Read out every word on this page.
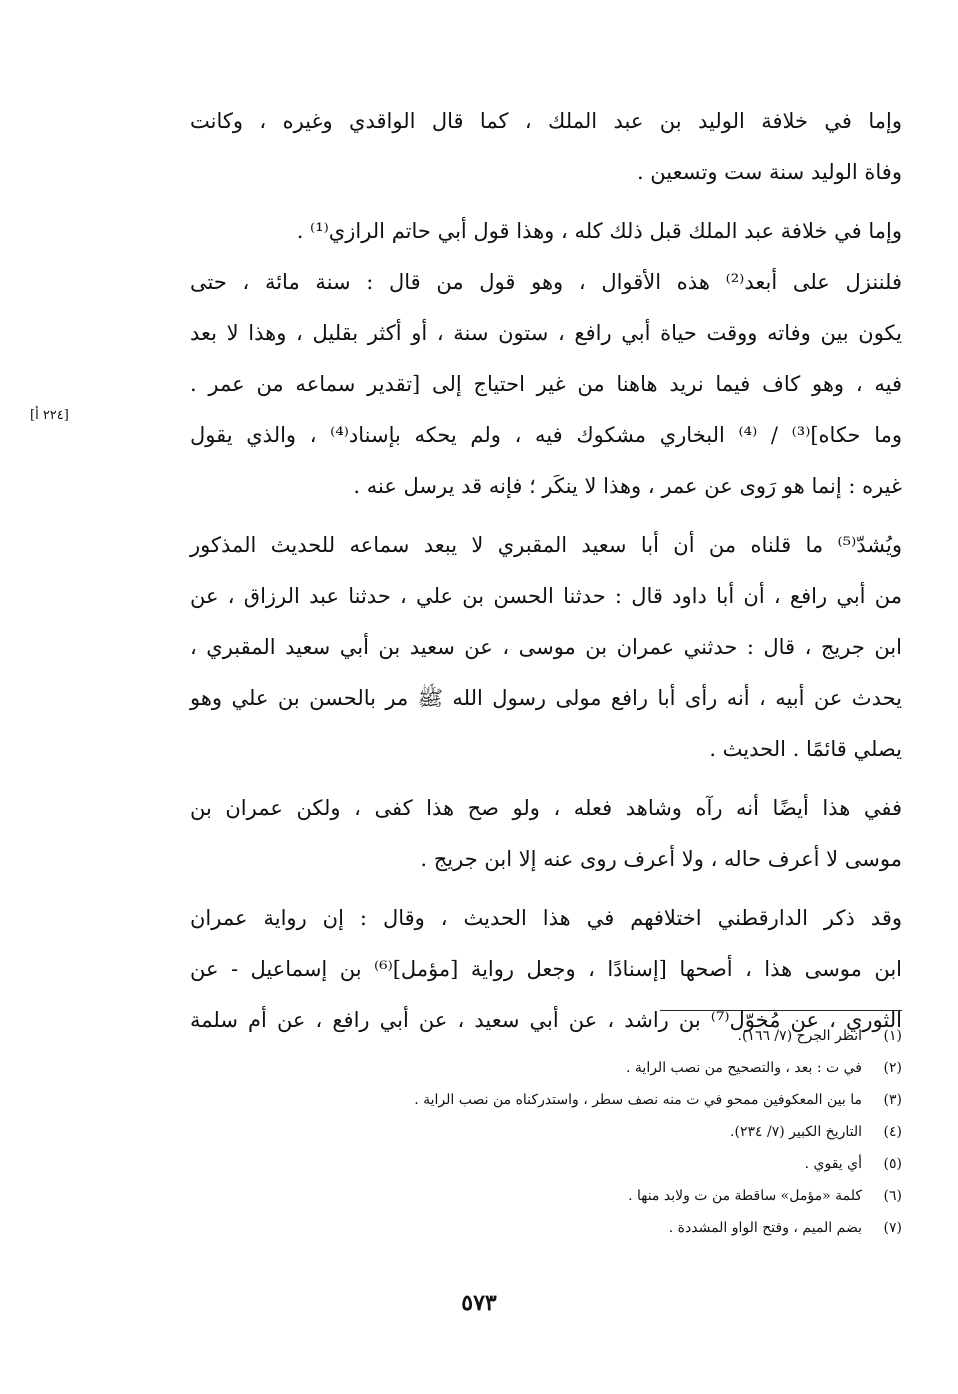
[٢٢٤ أ]
وإما في خلافة الوليد بن عبد الملك ، كما قال الواقدي وغيره ، وكانت
وفاة الوليد سنة ست وتسعين .
وإما في خلافة عبد الملك قبل ذلك كله ، وهذا قول أبي حاتم الرازي⁽¹⁾ .
فلننزل على أبعد⁽²⁾ هذه الأقوال ، وهو قول من قال : سنة مائة ، حتى
يكون بين وفاته ووقت حياة أبي رافع ، ستون سنة ، أو أكثر بقليل ، وهذا لا بعد
فيه ، وهو كاف فيما نريد هاهنا من غير احتياج إلى [تقدير سماعه من عمر .
وما حكاه]⁽³⁾ / ⁽⁴⁾ البخاري مشكوك فيه ، ولم يحكه بإسناد⁽⁴⁾ ، والذي يقول
غيره : إنما هو رَوى عن عمر ، وهذا لا ينكَر ؛ فإنه قد يرسل عنه .
ويُشدّ⁽⁵⁾ ما قلناه من أن أبا سعيد المقبري لا يبعد سماعه للحديث المذكور
من أبي رافع ، أن أبا داود قال : حدثنا الحسن بن علي ، حدثنا عبد الرزاق ، عن
ابن جريج ، قال : حدثني عمران بن موسى ، عن سعيد بن أبي سعيد المقبري ،
يحدث عن أبيه ، أنه رأى أبا رافع مولى رسول الله ﷺ مر بالحسن بن علي وهو
يصلي قائمًا . الحديث .
ففي هذا أيضًا أنه رآه وشاهد فعله ، ولو صح هذا كفى ، ولكن عمران بن
موسى لا أعرف حاله ، ولا أعرف روى عنه إلا ابن جريج .
وقد ذكر الدارقطني اختلافهم في هذا الحديث ، وقال : إن رواية عمران
ابن موسى هذا ، أصحها [إسنادًا ، وجعل رواية [مؤمل]⁽⁶⁾ بن إسماعيل - عن
الثوري ، عن مُخوّل⁽⁷⁾ بن راشد ، عن أبي سعيد ، عن أبي رافع ، عن أم سلمة
(١)
انظر الجرح (٧/ ١٦٦).
(٢)
في ت : بعد ، والتصحيح من نصب الراية .
(٣)
ما بين المعكوفين ممحو في ت منه نصف سطر ، واستدركناه من نصب الراية .
(٤)
التاريخ الكبير (٧/ ٢٣٤).
(٥)
أي يقوي .
(٦)
كلمة «مؤمل» ساقطة من ت ولابد منها .
(٧)
بضم الميم ، وفتح الواو المشددة .
٥٧٣
